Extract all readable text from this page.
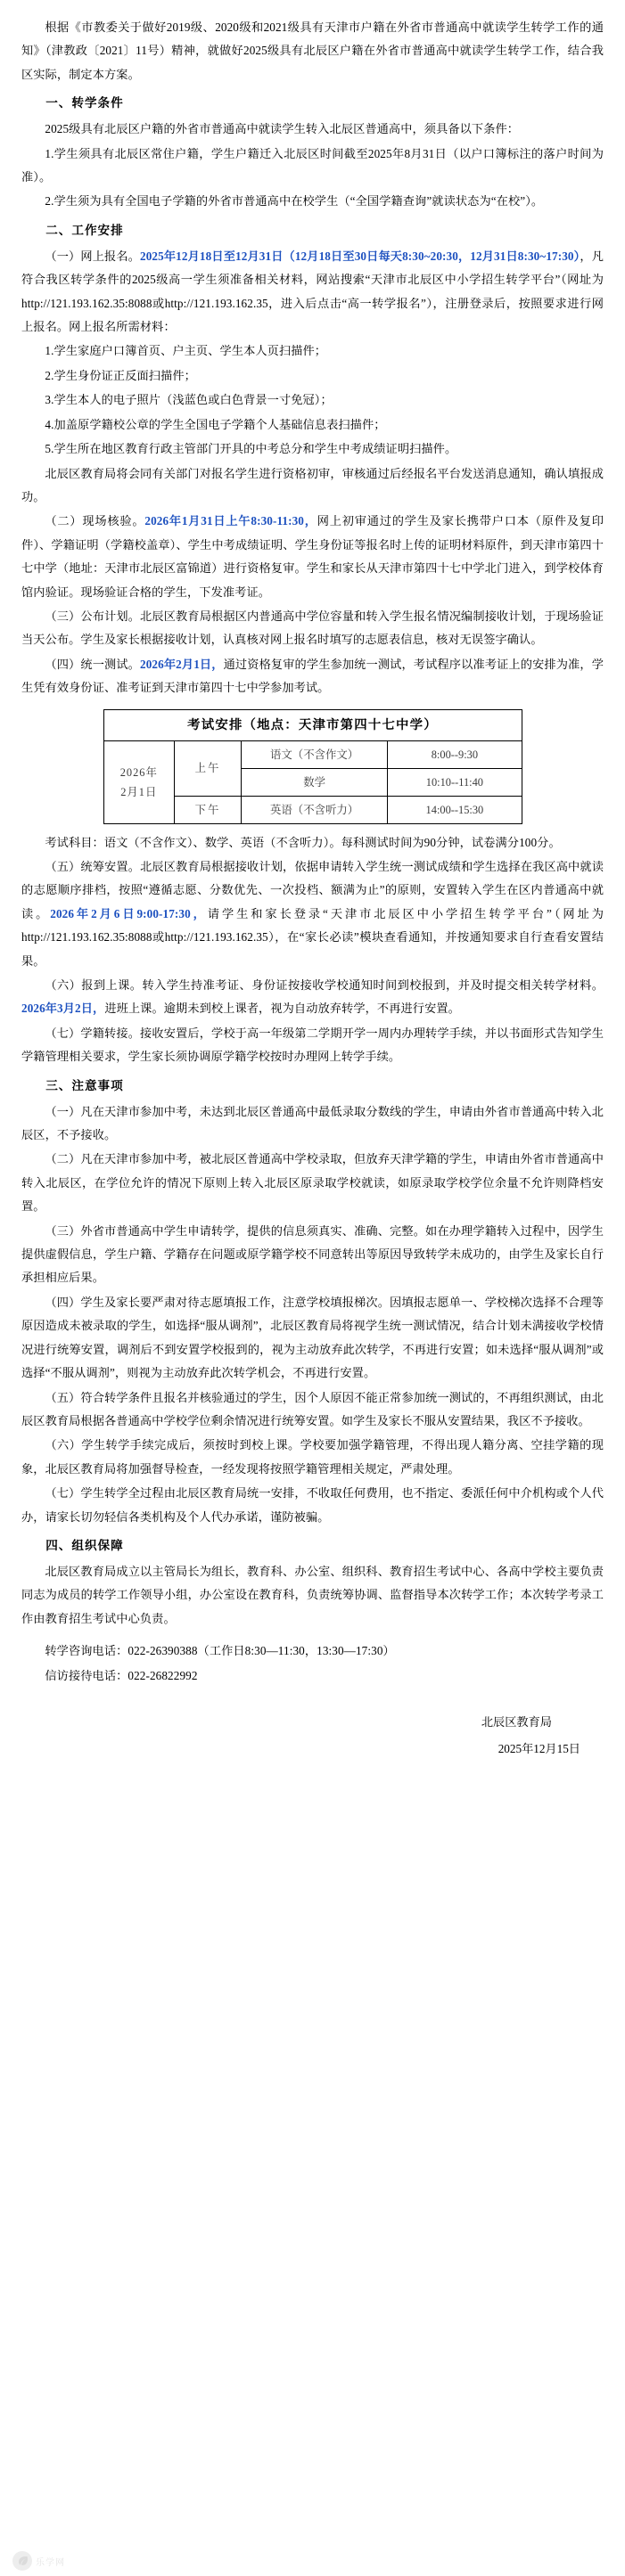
根据《市教委关于做好2019级、2020级和2021级具有天津市户籍在外省市普通高中就读学生转学工作的通知》（津教政〔2021〕11号）精神，就做好2025级具有北辰区户籍在外省市普通高中就读学生转学工作，结合我区实际，制定本方案。

一、转学条件

2025级具有北辰区户籍的外省市普通高中就读学生转入北辰区普通高中，须具备以下条件：

1.学生须具有北辰区常住户籍，学生户籍迁入北辰区时间截至2025年8月31日（以户口簿标注的落户时间为准）。

2.学生须为具有全国电子学籍的外省市普通高中在校学生（“全国学籍查询”就读状态为“在校”）。

二、工作安排

（一）网上报名。2025年12月18日至12月31日（12月18日至30日每天8:30~20:30，12月31日8:30~17:30），凡符合我区转学条件的2025级高一学生须准备相关材料，网站搜索“天津市北辰区中小学招生转学平台”（网址为http://121.193.162.35:8088或http://121.193.162.35，进入后点击“高一转学报名”），注册登录后，按照要求进行网上报名。网上报名所需材料：

1.学生家庭户口簿首页、户主页、学生本人页扫描件；

2.学生身份证正反面扫描件；

3.学生本人的电子照片（浅蓝色或白色背景一寸免冠）；

4.加盖原学籍校公章的学生全国电子学籍个人基础信息表扫描件；

5.学生所在地区教育行政主管部门开具的中考总分和学生中考成绩证明扫描件。

北辰区教育局将会同有关部门对报名学生进行资格初审，审核通过后经报名平台发送消息通知，确认填报成功。

（二）现场核验。2026年1月31日上午8:30-11:30，网上初审通过的学生及家长携带户口本（原件及复印件）、学籍证明（学籍校盖章）、学生中考成绩证明、学生身份证等报名时上传的证明材料原件，到天津市第四十七中学（地址：天津市北辰区富锦道）进行资格复审。学生和家长从天津市第四十七中学北门进入，到学校体育馆内验证。现场验证合格的学生，下发准考证。

（三）公布计划。北辰区教育局根据区内普通高中学位容量和转入学生报名情况编制接收计划，于现场验证当天公布。学生及家长根据接收计划，认真核对网上报名时填写的志愿表信息，核对无误签字确认。

（四）统一测试。2026年2月1日，通过资格复审的学生参加统一测试，考试程序以准考证上的安排为准，学生凭有效身份证、准考证到天津市第四十七中学参加考试。

考试安排（地点：天津市第四十七中学）			

2026年
2月1日	上午	语文（不含作文）	8:00--9:30
		数学	10:10--11:40
	下午	英语（不含听力）	14:00--15:30

考试科目：语文（不含作文）、数学、英语（不含听力）。每科测试时间为90分钟，试卷满分100分。

（五）统筹安置。北辰区教育局根据接收计划，依据申请转入学生统一测试成绩和学生选择在我区高中就读的志愿顺序排档，按照“遵循志愿、分数优先、一次投档、额满为止”的原则，安置转入学生在区内普通高中就读。2026年2月6日9:00-17:30，请学生和家长登录“天津市北辰区中小学招生转学平台”（网址为http://121.193.162.35:8088或http://121.193.162.35），在“家长必读”模块查看通知，并按通知要求自行查看安置结果。

（六）报到上课。转入学生持准考证、身份证按接收学校通知时间到校报到，并及时提交相关转学材料。2026年3月2日，进班上课。逾期未到校上课者，视为自动放弃转学，不再进行安置。

（七）学籍转接。接收安置后，学校于高一年级第二学期开学一周内办理转学手续，并以书面形式告知学生学籍管理相关要求，学生家长须协调原学籍学校按时办理网上转学手续。

三、注意事项

（一）凡在天津市参加中考，未达到北辰区普通高中最低录取分数线的学生，申请由外省市普通高中转入北辰区，不予接收。

（二）凡在天津市参加中考，被北辰区普通高中学校录取，但放弃天津学籍的学生，申请由外省市普通高中转入北辰区，在学位允许的情况下原则上转入北辰区原录取学校就读，如原录取学校学位余量不允许则降档安置。

（三）外省市普通高中学生申请转学，提供的信息须真实、准确、完整。如在办理学籍转入过程中，因学生提供虚假信息，学生户籍、学籍存在问题或原学籍学校不同意转出等原因导致转学未成功的，由学生及家长自行承担相应后果。

（四）学生及家长要严肃对待志愿填报工作，注意学校填报梯次。因填报志愿单一、学校梯次选择不合理等原因造成未被录取的学生，如选择“服从调剂”，北辰区教育局将视学生统一测试情况，结合计划未满接收学校情况进行统筹安置，调剂后不到安置学校报到的，视为主动放弃此次转学，不再进行安置；如未选择“服从调剂”或选择“不服从调剂”，则视为主动放弃此次转学机会，不再进行安置。

（五）符合转学条件且报名并核验通过的学生，因个人原因不能正常参加统一测试的，不再组织测试，由北辰区教育局根据各普通高中学校学位剩余情况进行统筹安置。如学生及家长不服从安置结果，我区不予接收。

（六）学生转学手续完成后，须按时到校上课。学校要加强学籍管理，不得出现人籍分离、空挂学籍的现象，北辰区教育局将加强督导检查，一经发现将按照学籍管理相关规定，严肃处理。

（七）学生转学全过程由北辰区教育局统一安排，不收取任何费用，也不指定、委派任何中介机构或个人代办，请家长切勿轻信各类机构及个人代办承诺，谨防被骗。

四、组织保障

北辰区教育局成立以主管局长为组长，教育科、办公室、组织科、教育招生考试中心、各高中学校主要负责同志为成员的转学工作领导小组，办公室设在教育科，负责统筹协调、监督指导本次转学工作；本次转学考录工作由教育招生考试中心负责。

转学咨询电话：022-26390388（工作日8:30—11:30，13:30—17:30）

信访接待电话：022-26822992

北辰区教育局
2025年12月15日
乐学网
